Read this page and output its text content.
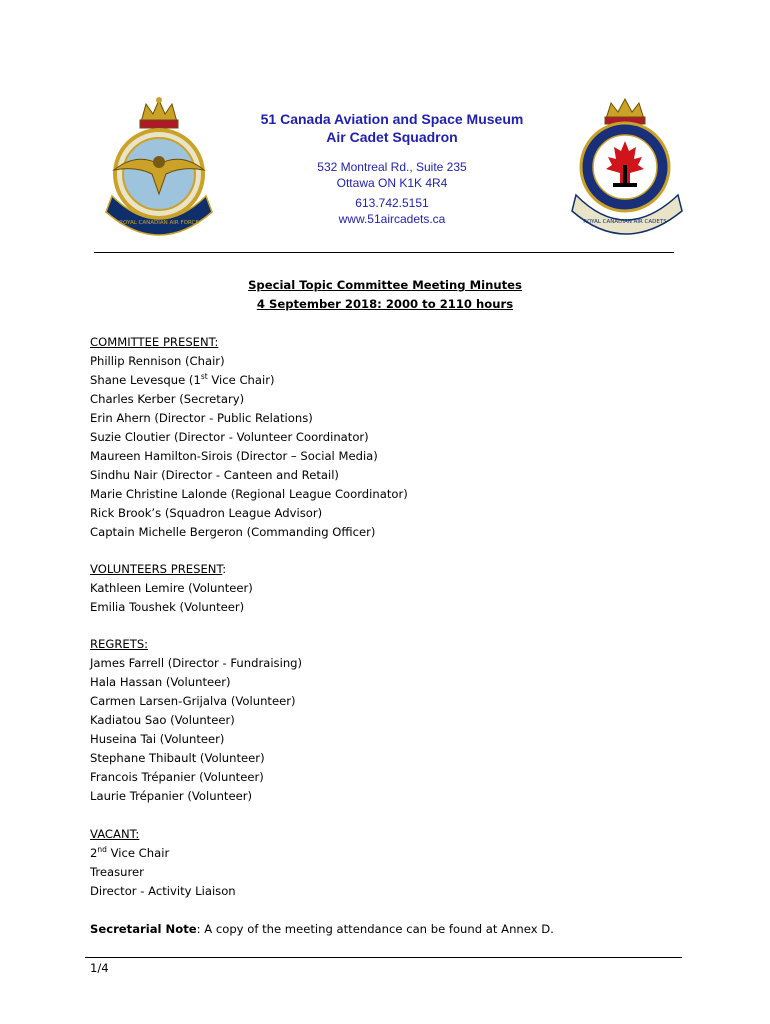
ROYAL CANADIAN AIR FORCE	ROYAL CANADIAN AIR CADETS
51 Canada Aviation and Space Museum
Air Cadet Squadron
532 Montreal Rd., Suite 235
Ottawa ON K1K 4R4
613.742.5151
www.51aircadets.ca
Special Topic Committee Meeting Minutes
4 September 2018: 2000 to 2110 hours
COMMITTEE PRESENT:
Phillip Rennison (Chair)
Shane Levesque (1st Vice Chair)
Charles Kerber (Secretary)
Erin Ahern (Director - Public Relations)
Suzie Cloutier (Director - Volunteer Coordinator)
Maureen Hamilton-Sirois (Director – Social Media)
Sindhu Nair (Director - Canteen and Retail)
Marie Christine Lalonde (Regional League Coordinator)
Rick Brook’s (Squadron League Advisor)
Captain Michelle Bergeron (Commanding Officer)
VOLUNTEERS PRESENT:
Kathleen Lemire (Volunteer)
Emilia Toushek (Volunteer)
REGRETS:
James Farrell (Director - Fundraising)
Hala Hassan (Volunteer)
Carmen Larsen-Grijalva (Volunteer)
Kadiatou Sao (Volunteer)
Huseina Tai (Volunteer)
Stephane Thibault (Volunteer)
Francois Trépanier (Volunteer)
Laurie Trépanier (Volunteer)
VACANT:
2nd Vice Chair
Treasurer
Director - Activity Liaison
Secretarial Note: A copy of the meeting attendance can be found at Annex D.
1/4
